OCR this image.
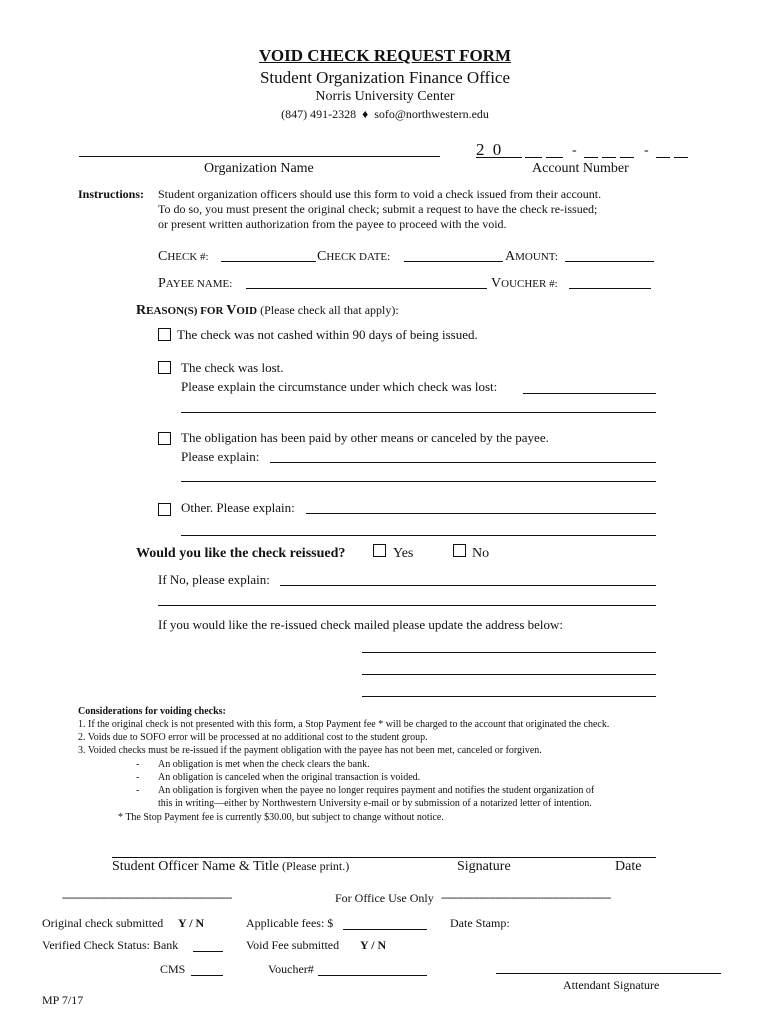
VOID CHECK REQUEST FORM
Student Organization Finance Office
Norris University Center
(847) 491-2328 ♦ sofo@northwestern.edu
2 0	-	-
Organization Name	Account Number
Instructions: Student organization officers should use this form to void a check issued from their account.
To do so, you must present the original check; submit a request to have the check re-issued;
or present written authorization from the payee to proceed with the void.
CHECK #:	CHECK DATE:	AMOUNT:
PAYEE NAME:	VOUCHER #:
REASON(S) FOR VOID (Please check all that apply):
The check was not cashed within 90 days of being issued.
The check was lost.
Please explain the circumstance under which check was lost:
The obligation has been paid by other means or canceled by the payee.
Please explain:
Other. Please explain:
Would you like the check reissued?	Yes	No
If No, please explain:
If you would like the re-issued check mailed please update the address below:
Considerations for voiding checks:
1. If the original check is not presented with this form, a Stop Payment fee * will be charged to the account that originated the check.
2. Voids due to SOFO error will be processed at no additional cost to the student group.
3. Voided checks must be re-issued if the payment obligation with the payee has not been met, canceled or forgiven.
- An obligation is met when the check clears the bank.
- An obligation is canceled when the original transaction is voided.
- An obligation is forgiven when the payee no longer requires payment and notifies the student organization of
this in writing—either by Northwestern University e-mail or by submission of a notarized letter of intention.
* The Stop Payment fee is currently $30.00, but subject to change without notice.
Student Officer Name & Title (Please print.)	Signature	Date
-----------------------------------------------------	For Office Use Only -----------------------------------------------------
Original check submitted Y / N	Applicable fees: $	Date Stamp:
Verified Check Status: Bank	Void Fee submitted Y / N
CMS	Voucher#
Attendant Signature
MP 7/17
